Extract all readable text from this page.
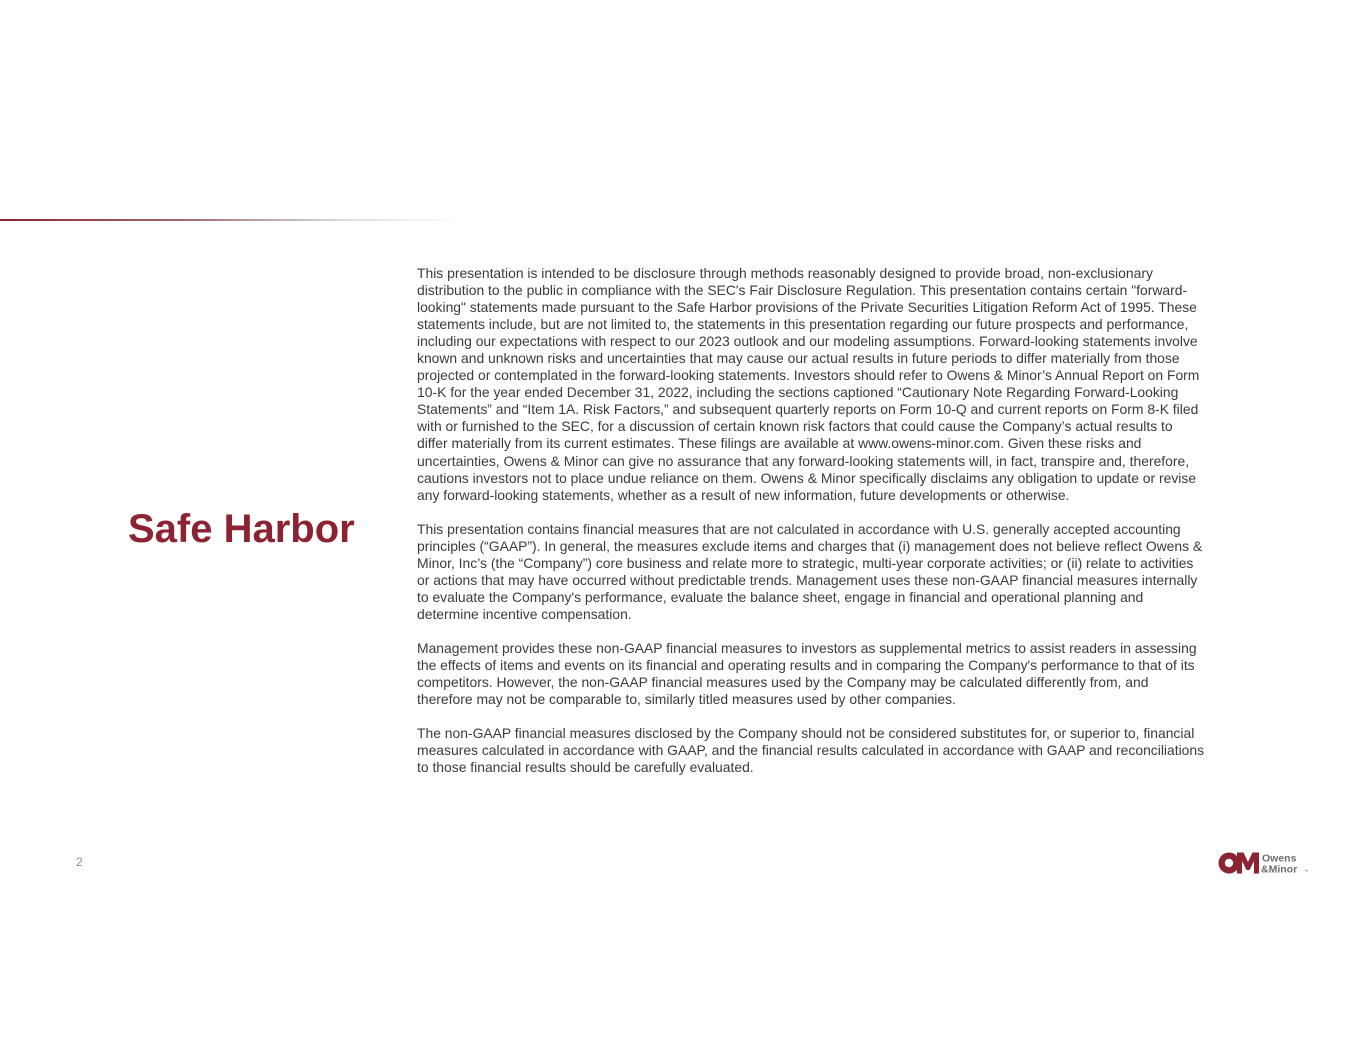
Safe Harbor

This presentation is intended to be disclosure through methods reasonably designed to provide broad, non-exclusionary distribution to the public in compliance with the SEC's Fair Disclosure Regulation. This presentation contains certain "forward-looking" statements made pursuant to the Safe Harbor provisions of the Private Securities Litigation Reform Act of 1995. These statements include, but are not limited to, the statements in this presentation regarding our future prospects and performance, including our expectations with respect to our 2023 outlook and our modeling assumptions. Forward-looking statements involve known and unknown risks and uncertainties that may cause our actual results in future periods to differ materially from those projected or contemplated in the forward-looking statements. Investors should refer to Owens & Minor’s Annual Report on Form 10-K for the year ended December 31, 2022, including the sections captioned “Cautionary Note Regarding Forward-Looking Statements” and “Item 1A. Risk Factors,” and subsequent quarterly reports on Form 10-Q and current reports on Form 8-K filed with or furnished to the SEC, for a discussion of certain known risk factors that could cause the Company’s actual results to differ materially from its current estimates. These filings are available at www.owens-minor.com. Given these risks and uncertainties, Owens & Minor can give no assurance that any forward-looking statements will, in fact, transpire and, therefore, cautions investors not to place undue reliance on them. Owens & Minor specifically disclaims any obligation to update or revise any forward-looking statements, whether as a result of new information, future developments or otherwise.

This presentation contains financial measures that are not calculated in accordance with U.S. generally accepted accounting principles (“GAAP”). In general, the measures exclude items and charges that (i) management does not believe reflect Owens & Minor, Inc’s (the “Company”) core business and relate more to strategic, multi-year corporate activities; or (ii) relate to activities or actions that may have occurred without predictable trends. Management uses these non-GAAP financial measures internally to evaluate the Company's performance, evaluate the balance sheet, engage in financial and operational planning and determine incentive compensation.

Management provides these non-GAAP financial measures to investors as supplemental metrics to assist readers in assessing the effects of items and events on its financial and operating results and in comparing the Company's performance to that of its competitors. However, the non-GAAP financial measures used by the Company may be calculated differently from, and therefore may not be comparable to, similarly titled measures used by other companies.

The non-GAAP financial measures disclosed by the Company should not be considered substitutes for, or superior to, financial measures calculated in accordance with GAAP, and the financial results calculated in accordance with GAAP and reconciliations to those financial results should be carefully evaluated.

2	Owens
&Minor ™
